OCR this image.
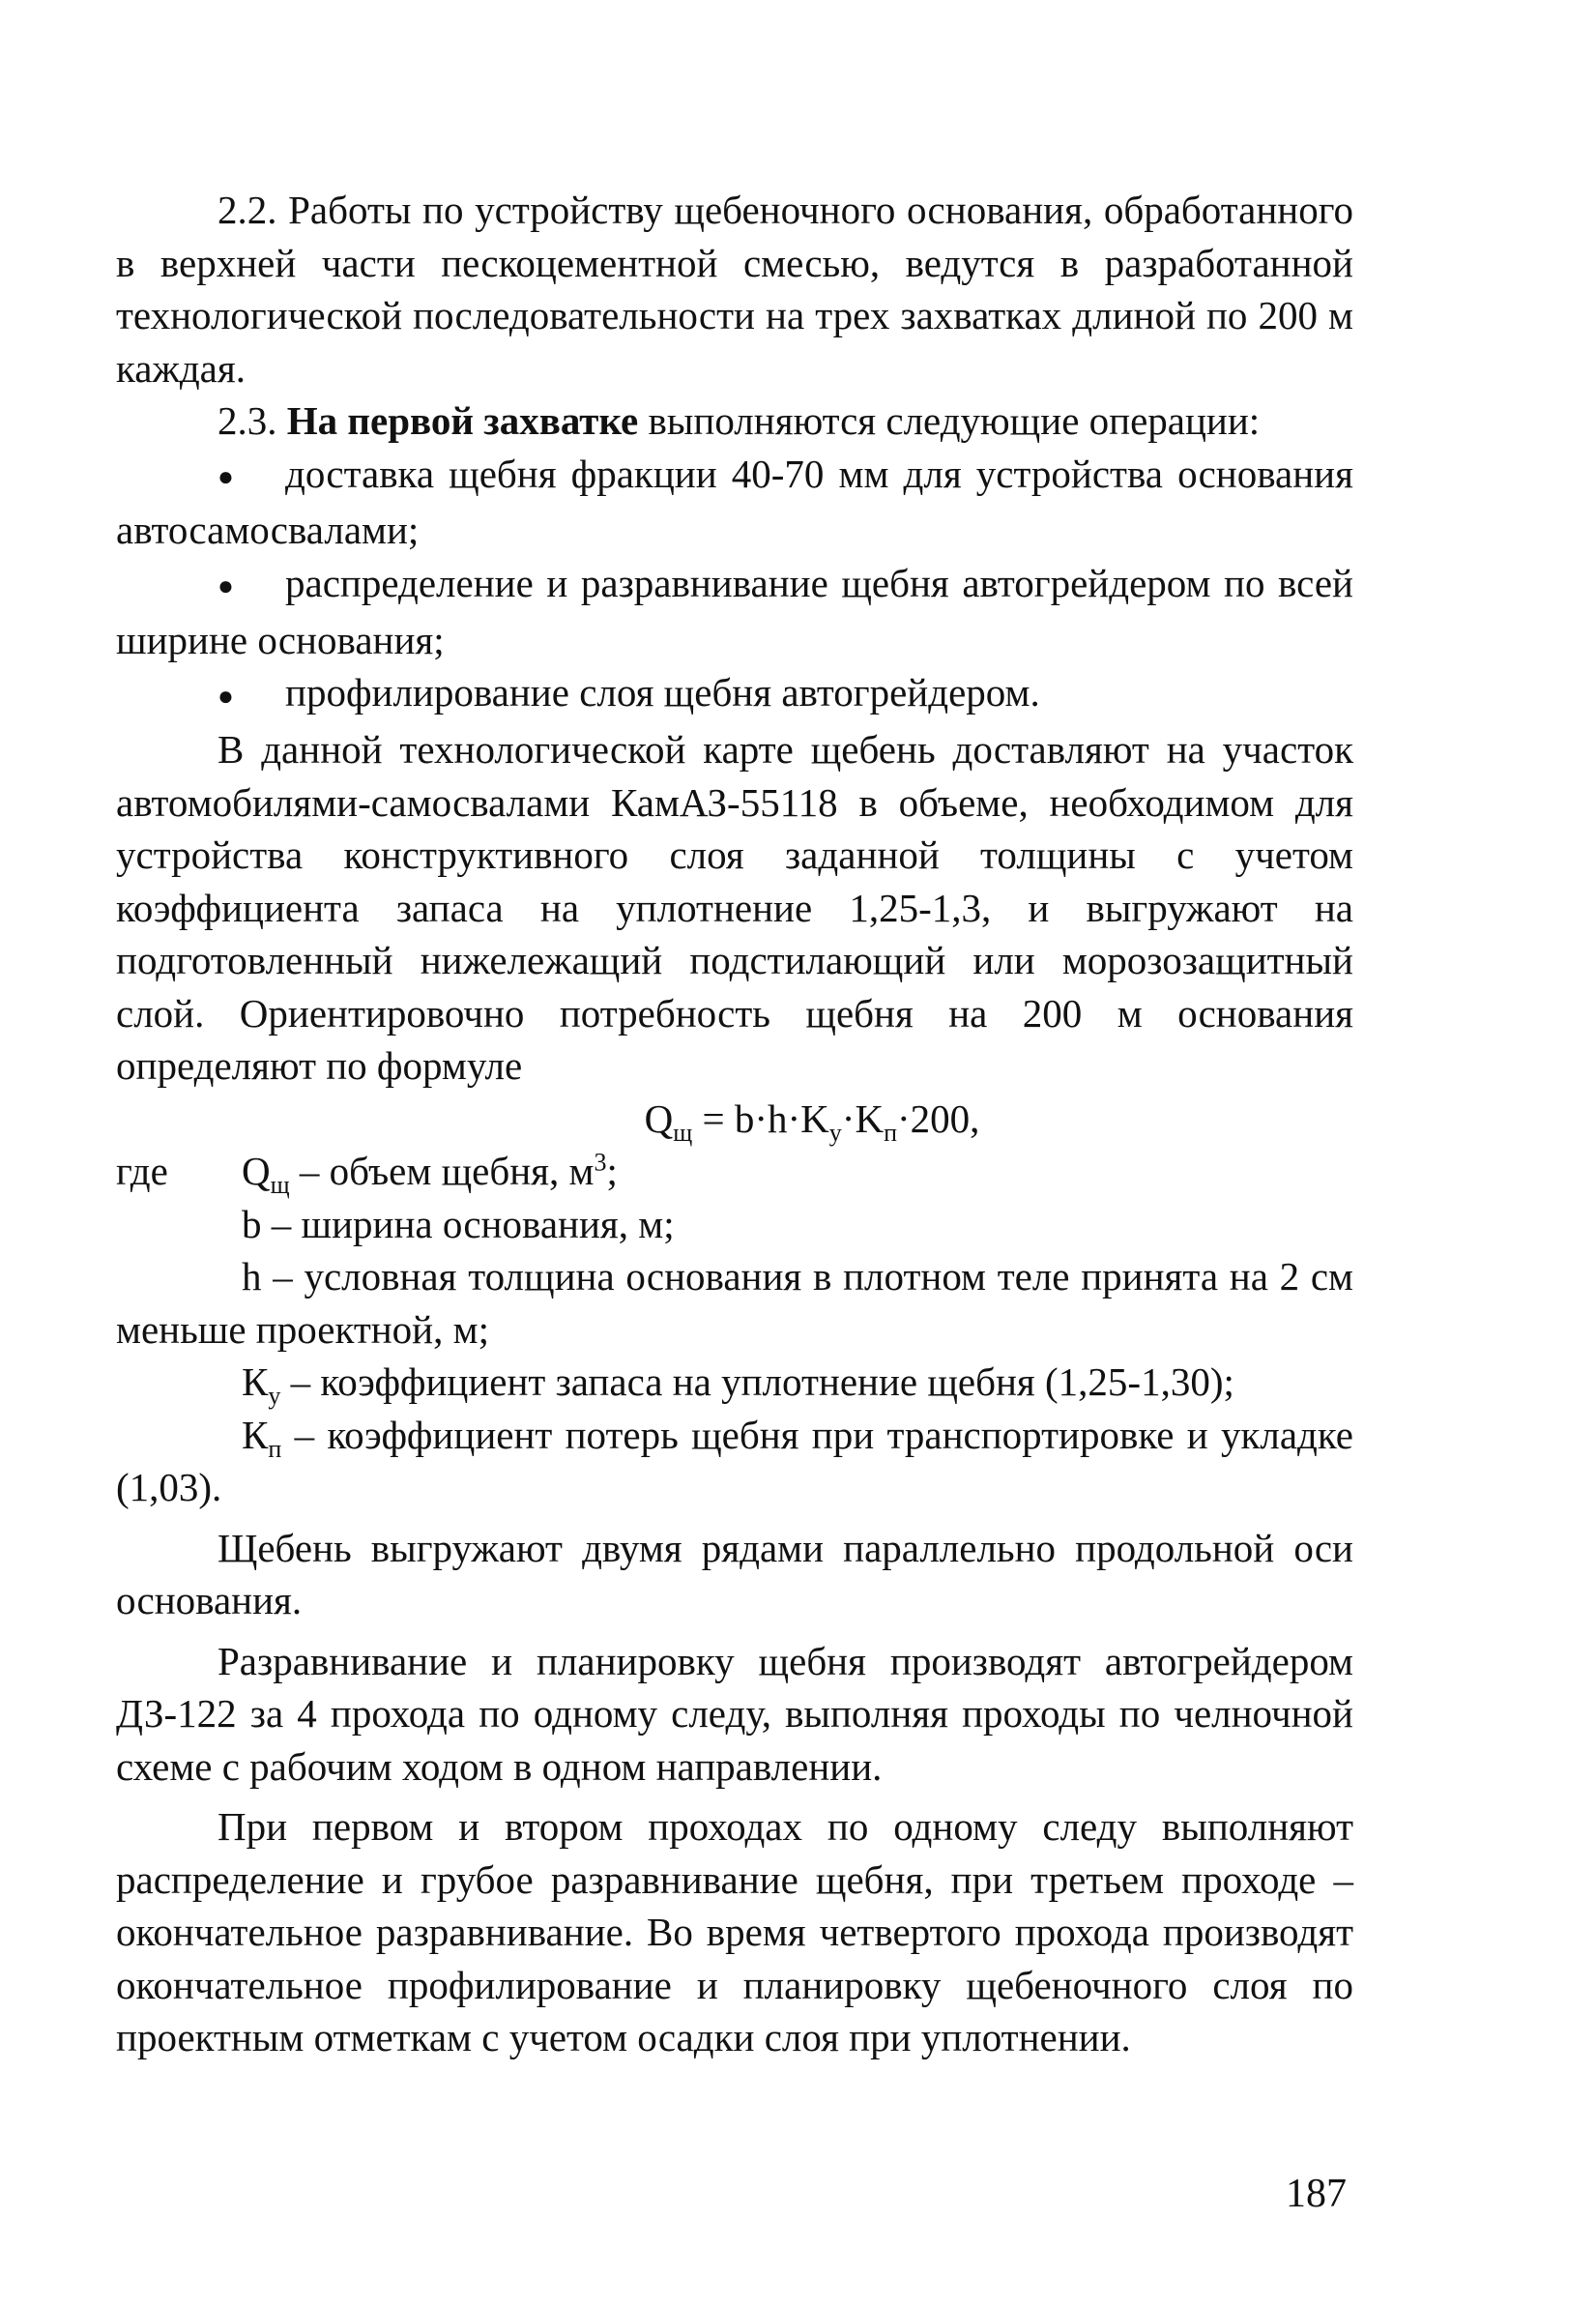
2.2. Работы по устройству щебеночного основания, обработанного в верхней части пескоцементной смесью, ведутся в разработанной технологической последовательности на трех захватках длиной по 200 м каждая.

2.3. На первой захватке выполняются следующие операции:

● доставка щебня фракции 40-70 мм для устройства основания автосамосвалами;

● распределение и разравнивание щебня автогрейдером по всей ширине основания;

● профилирование слоя щебня автогрейдером.

В данной технологической карте щебень доставляют на участок автомобилями-самосвалами КамАЗ-55118 в объеме, необходимом для устройства конструктивного слоя заданной толщины с учетом коэффициента запаса на уплотнение 1,25-1,3, и выгружают на подготовленный нижележащий подстилающий или морозозащитный слой. Ориентировочно потребность щебня на 200 м основания определяют по формуле

$Q_щ = b\cdot h\cdot K_у\cdot K_п\cdot 200$,

где $Q_щ$ – объем щебня, $м^3$;

b – ширина основания, м;

h – условная толщина основания в плотном теле принята на 2 см меньше проектной, м;

$К_у$ – коэффициент запаса на уплотнение щебня (1,25-1,30);

$К_п$ – коэффициент потерь щебня при транспортировке и укладке (1,03).

Щебень выгружают двумя рядами параллельно продольной оси основания.

Разравнивание и планировку щебня производят автогрейдером ДЗ-122 за 4 прохода по одному следу, выполняя проходы по челночной схеме с рабочим ходом в одном направлении.

При первом и втором проходах по одному следу выполняют распределение и грубое разравнивание щебня, при третьем проходе – окончательное разравнивание. Во время четвертого прохода производят окончательное профилирование и планировку щебеночного слоя по проектным отметкам с учетом осадки слоя при уплотнении.

187
